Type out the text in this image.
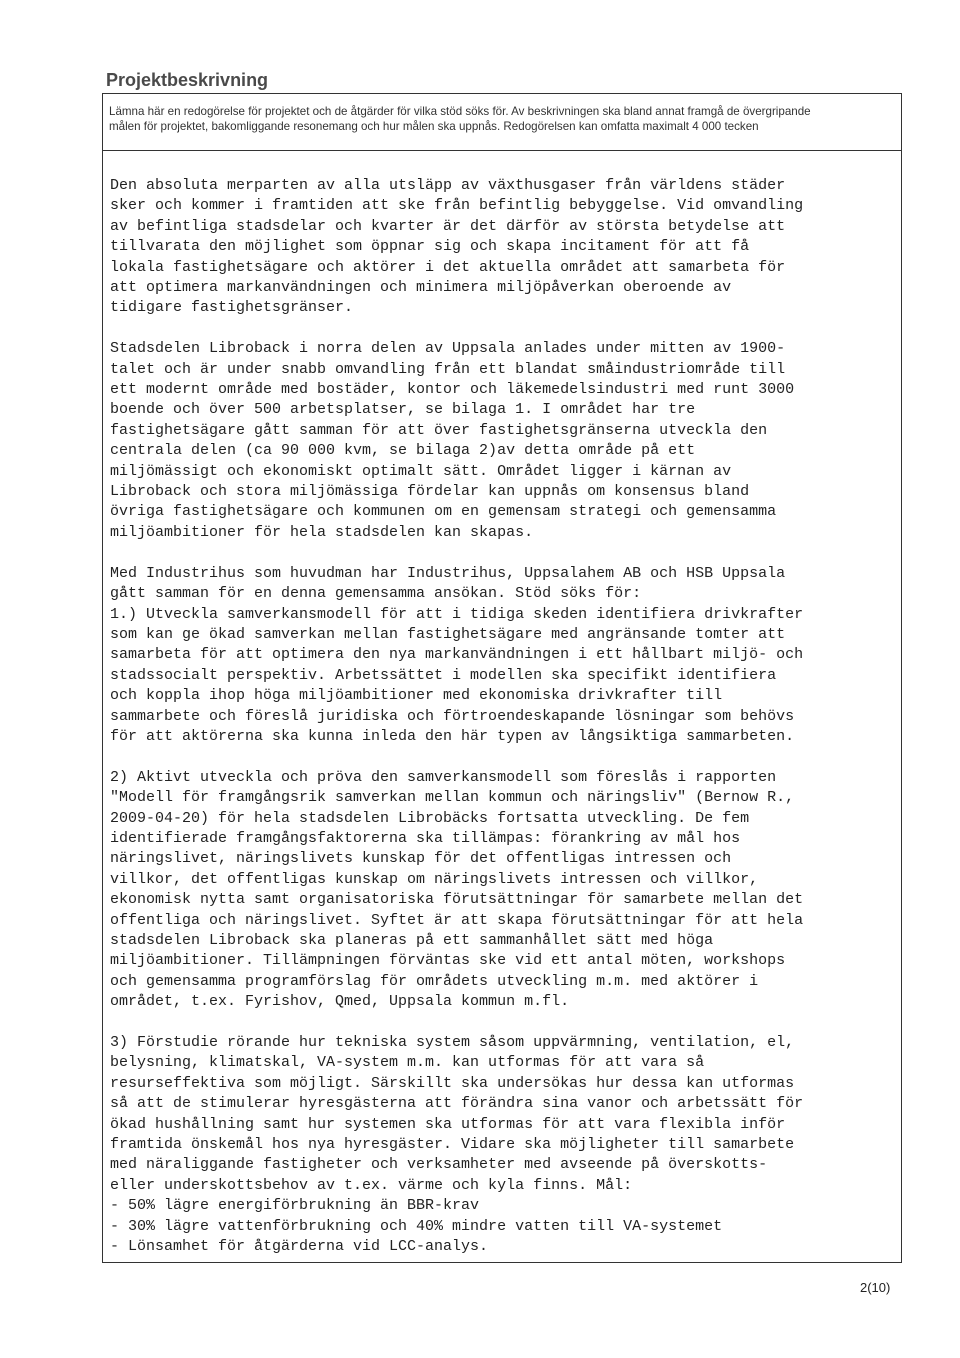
Projektbeskrivning
Lämna här en redogörelse för projektet och de åtgärder för vilka stöd söks för. Av beskrivningen ska bland annat framgå de övergripande
målen för projektet, bakomliggande resonemang och hur målen ska uppnås. Redogörelsen kan omfatta maximalt 4 000 tecken
Den absoluta merparten av alla utsläpp av växthusgaser från världens städer
sker och kommer i framtiden att ske från befintlig bebyggelse. Vid omvandling
av befintliga stadsdelar och kvarter är det därför av största betydelse att
tillvarata den möjlighet som öppnar sig och skapa incitament för att få
lokala fastighetsägare och aktörer i det aktuella området att samarbeta för
att optimera markanvändningen och minimera miljöpåverkan oberoende av
tidigare fastighetsgränser.
Stadsdelen Libroback i norra delen av Uppsala anlades under mitten av 1900-
talet och är under snabb omvandling från ett blandat småindustriområde till
ett modernt område med bostäder, kontor och läkemedelsindustri med runt 3000
boende och över 500 arbetsplatser, se bilaga 1. I området har tre
fastighetsägare gått samman för att över fastighetsgränserna utveckla den
centrala delen (ca 90 000 kvm, se bilaga 2)av detta område på ett
miljömässigt och ekonomiskt optimalt sätt. Området ligger i kärnan av
Libroback och stora miljömässiga fördelar kan uppnås om konsensus bland
övriga fastighetsägare och kommunen om en gemensam strategi och gemensamma
miljöambitioner för hela stadsdelen kan skapas.
Med Industrihus som huvudman har Industrihus, Uppsalahem AB och HSB Uppsala
gått samman för en denna gemensamma ansökan. Stöd söks för:
1.) Utveckla samverkansmodell för att i tidiga skeden identifiera drivkrafter
som kan ge ökad samverkan mellan fastighetsägare med angränsande tomter att
samarbeta för att optimera den nya markanvändningen i ett hållbart miljö- och
stadssocialt perspektiv. Arbetssättet i modellen ska specifikt identifiera
och koppla ihop höga miljöambitioner med ekonomiska drivkrafter till
sammarbete och föreslå juridiska och förtroendeskapande lösningar som behövs
för att aktörerna ska kunna inleda den här typen av långsiktiga sammarbeten.
2) Aktivt utveckla och pröva den samverkansmodell som föreslås i rapporten
"Modell för framgångsrik samverkan mellan kommun och näringsliv" (Bernow R.,
2009-04-20) för hela stadsdelen Librobäcks fortsatta utveckling. De fem
identifierade framgångsfaktorerna ska tillämpas: förankring av mål hos
näringslivet, näringslivets kunskap för det offentligas intressen och
villkor, det offentligas kunskap om näringslivets intressen och villkor,
ekonomisk nytta samt organisatoriska förutsättningar för samarbete mellan det
offentliga och näringslivet. Syftet är att skapa förutsättningar för att hela
stadsdelen Libroback ska planeras på ett sammanhållet sätt med höga
miljöambitioner. Tillämpningen förväntas ske vid ett antal möten, workshops
och gemensamma programförslag för områdets utveckling m.m. med aktörer i
området, t.ex. Fyrishov, Qmed, Uppsala kommun m.fl.
3) Förstudie rörande hur tekniska system såsom uppvärmning, ventilation, el,
belysning, klimatskal, VA-system m.m. kan utformas för att vara så
resurseffektiva som möjligt. Särskillt ska undersökas hur dessa kan utformas
så att de stimulerar hyresgästerna att förändra sina vanor och arbetssätt för
ökad hushållning samt hur systemen ska utformas för att vara flexibla inför
framtida önskemål hos nya hyresgäster. Vidare ska möjligheter till samarbete
med näraliggande fastigheter och verksamheter med avseende på överskotts-
eller underskottsbehov av t.ex. värme och kyla finns. Mål:
- 50% lägre energiförbrukning än BBR-krav
- 30% lägre vattenförbrukning och 40% mindre vatten till VA-systemet
- Lönsamhet för åtgärderna vid LCC-analys.
2(10)
